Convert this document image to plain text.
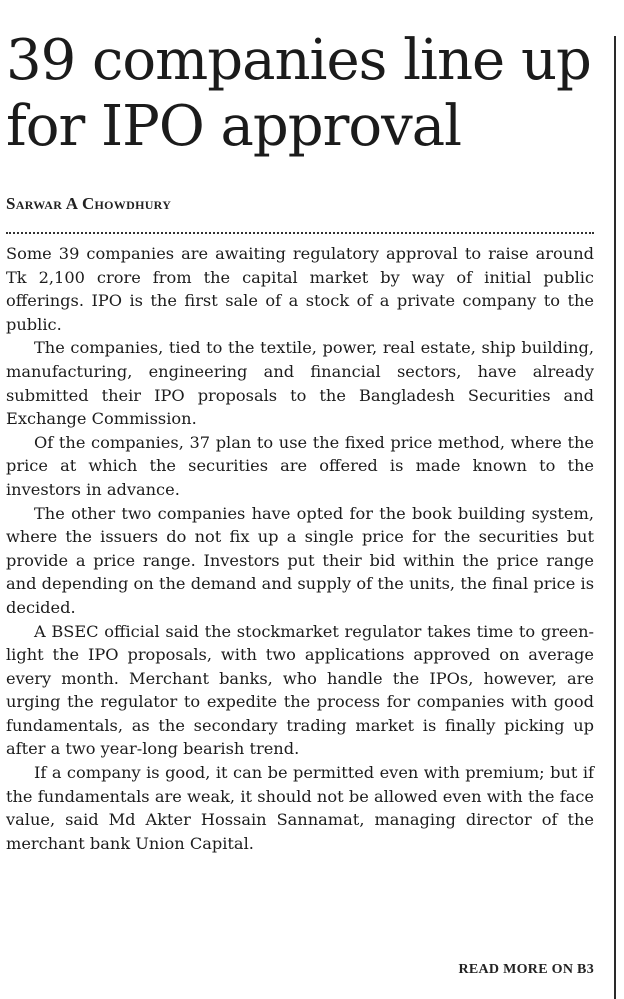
39 companies line up for IPO approval
Sarwar A Chowdhury

Some 39 companies are awaiting regulatory approval to raise around Tk 2,100 crore from the capital market by way of initial public offerings. IPO is the first sale of a stock of a private company to the public.

The companies, tied to the textile, power, real estate, ship building, manufacturing, engineering and financial sectors, have already submitted their IPO proposals to the Bangladesh Securities and Exchange Commission.

Of the companies, 37 plan to use the fixed price method, where the price at which the securities are offered is made known to the investors in advance.

The other two companies have opted for the book building system, where the issuers do not fix up a single price for the securities but provide a price range. Investors put their bid within the price range and depending on the demand and supply of the units, the final price is decided.

A BSEC official said the stockmarket regulator takes time to green-light the IPO proposals, with two applications approved on average every month. Merchant banks, who handle the IPOs, however, are urging the regulator to expedite the process for companies with good fundamentals, as the secondary trading market is finally picking up after a two year-long bearish trend.

If a company is good, it can be permitted even with premium; but if the fundamentals are weak, it should not be allowed even with the face value, said Md Akter Hossain Sannamat, managing director of the merchant bank Union Capital.

READ MORE ON B3
